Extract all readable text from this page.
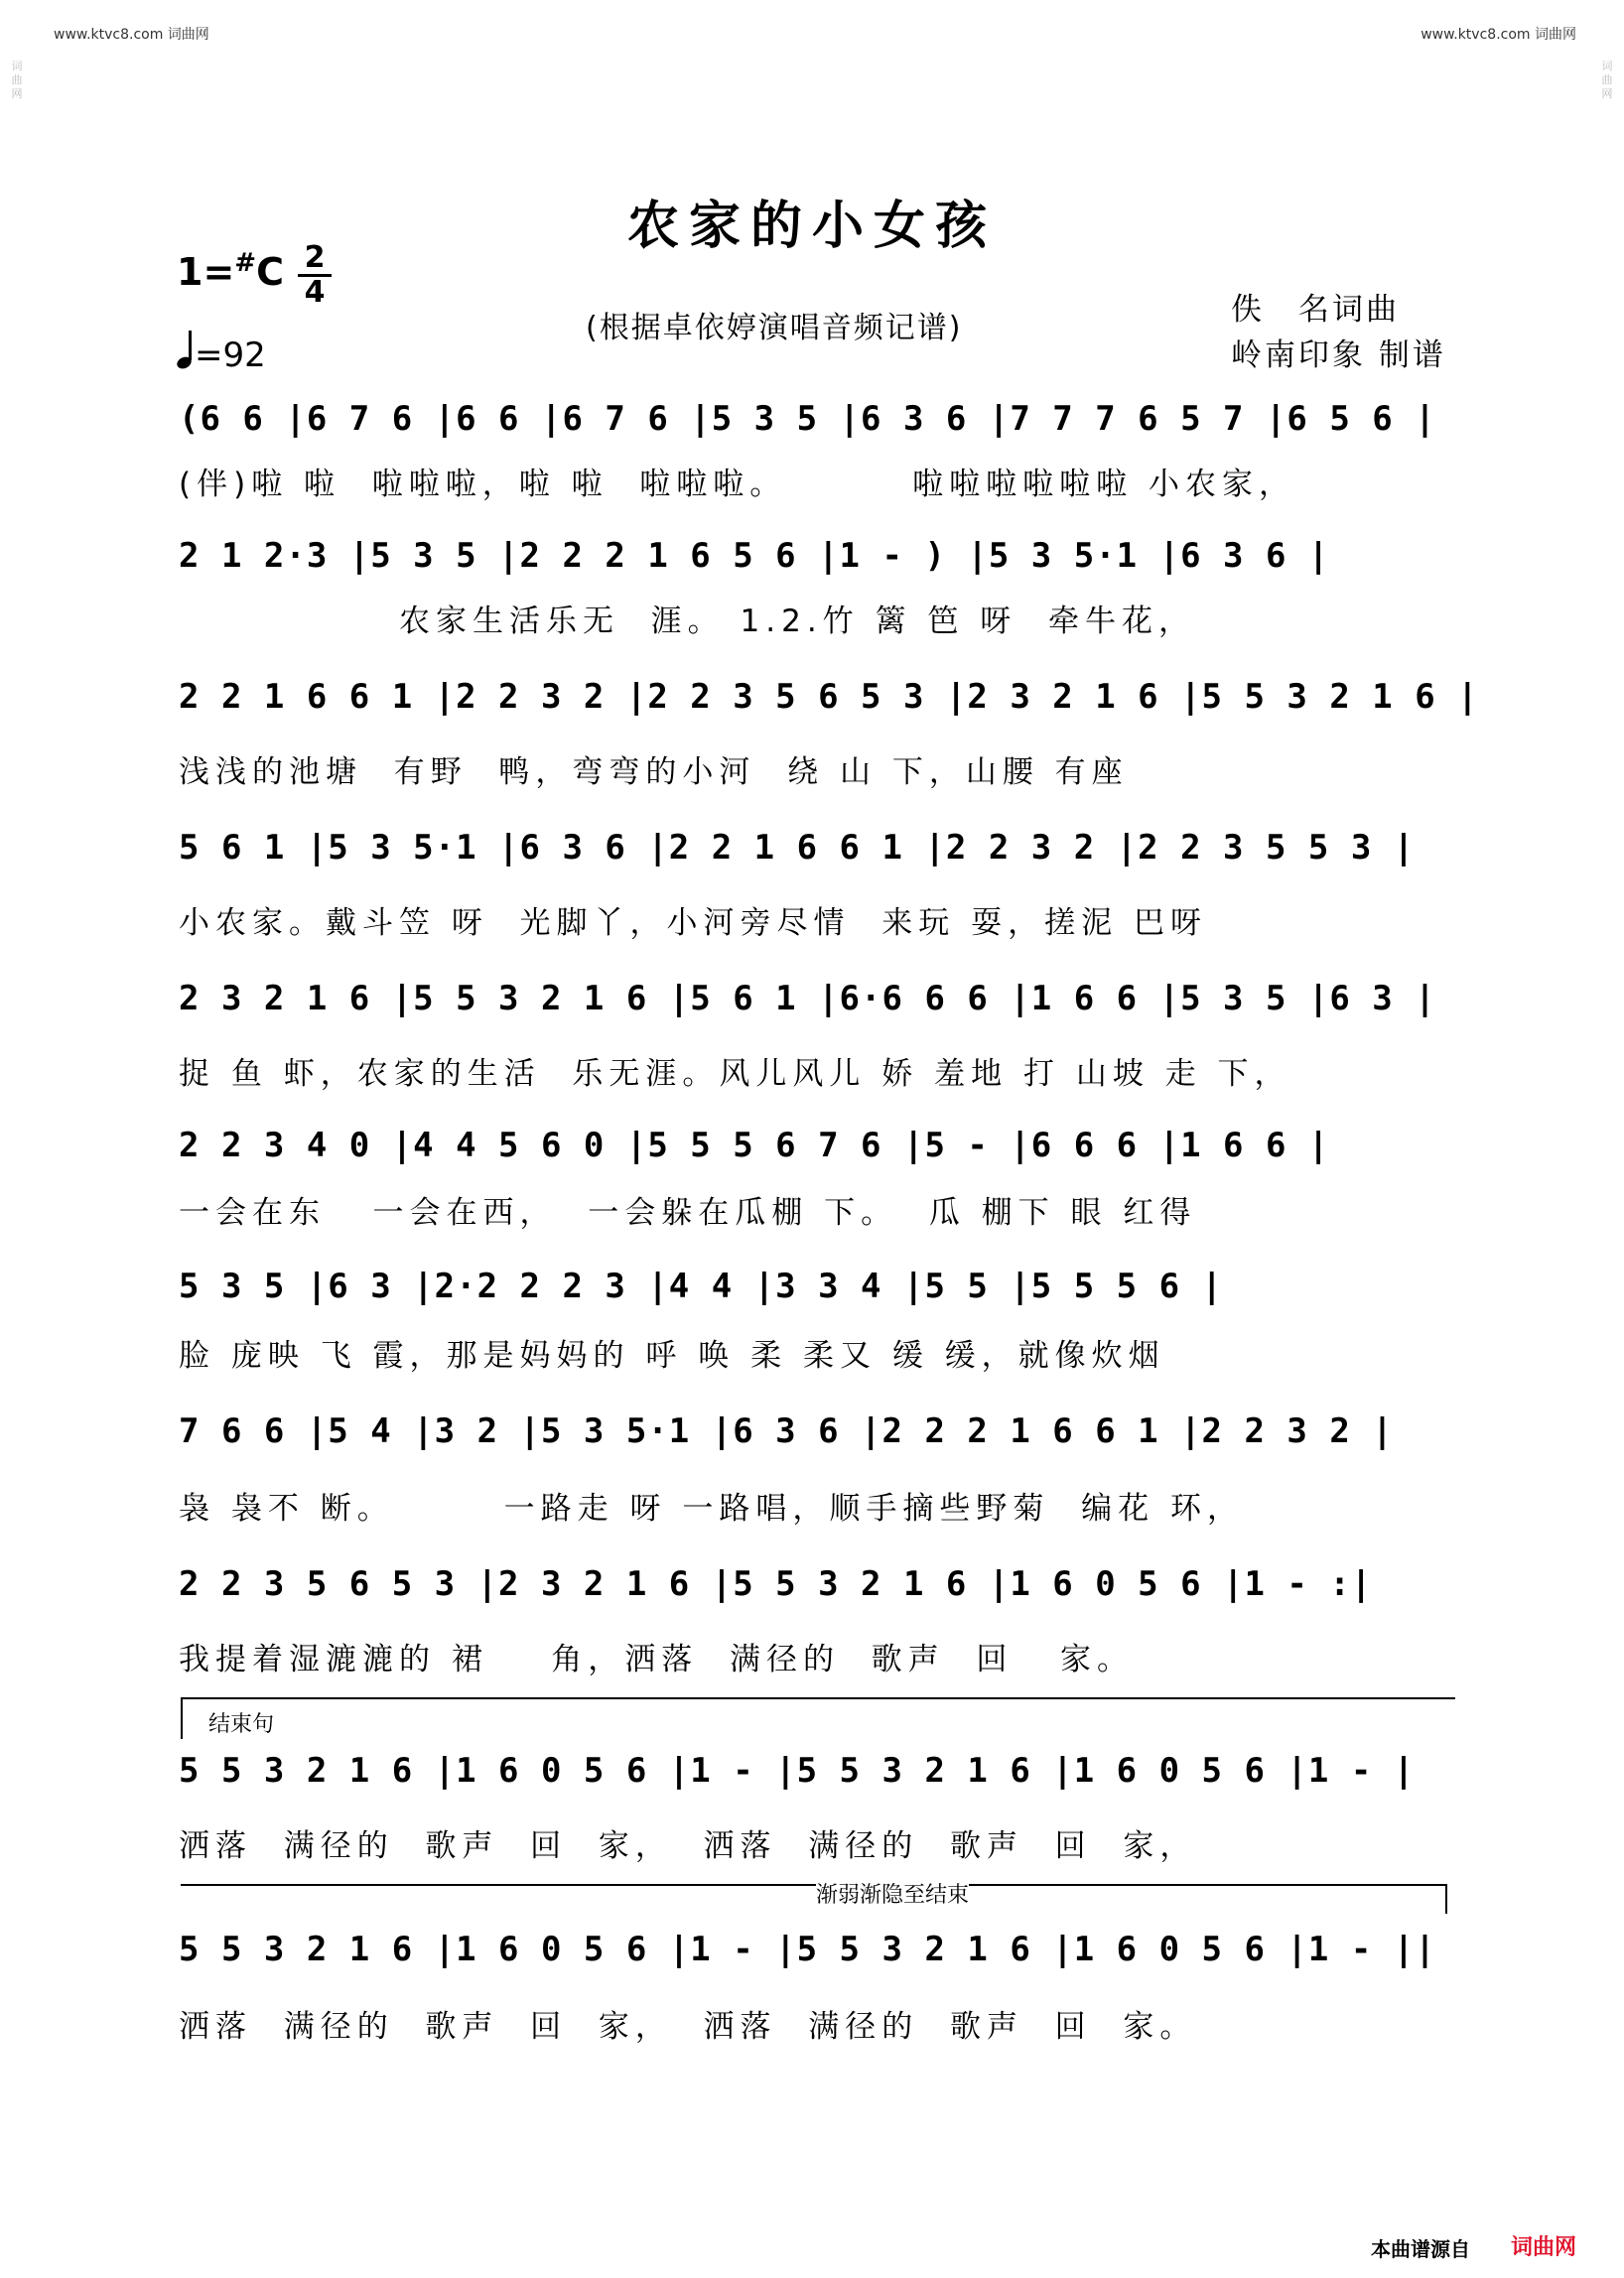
www.ktvc8.com 词曲网	www.ktvc8.com 词曲网
词
曲
网
词
曲
网
农家的小女孩
1=#C 2
4
=92
(根据卓依婷演唱音频记谱)
佚　名词曲
岭南印象 制谱
(6 6 |6 7 6 |6 6 |6 7 6 |5 3 5 |6 3 6 |7 7 7 6 5 7 |6 5 6 |
(伴)啦 啦  啦啦啦，啦 啦  啦啦啦。        啦啦啦啦啦啦 小农家，
2 1 2·3 |5 3 5 |2 2 2 1 6 5 6 |1 - ) |5 3 5·1 |6 3 6 |
农家生活乐无  涯。 1.2.竹 篱 笆 呀  牵牛花，
2 2 1 6 6 1 |2 2 3 2 |2 2 3 5 6 5 3 |2 3 2 1 6 |5 5 3 2 1 6 |
浅浅的池塘  有野  鸭，弯弯的小河  绕 山 下，山腰 有座
5 6 1 |5 3 5·1 |6 3 6 |2 2 1 6 6 1 |2 2 3 2 |2 2 3 5 5 3 |
小农家。戴斗笠 呀  光脚丫，小河旁尽情  来玩 耍，搓泥 巴呀
2 3 2 1 6 |5 5 3 2 1 6 |5 6 1 |6·6 6 6 |1 6 6 |5 3 5 |6 3 |
捉 鱼 虾，农家的生活  乐无涯。风儿风儿 娇 羞地 打 山坡 走 下，
2 2 3 4 0 |4 4 5 6 0 |5 5 5 6 7 6 |5 - |6 6 6 |1 6 6 |
一会在东   一会在西，  一会躲在瓜棚 下。  瓜 棚下 眼 红得
5 3 5 |6 3 |2·2 2 2 3 |4 4 |3 3 4 |5 5 |5 5 5 6 |
脸 庞映 飞 霞，那是妈妈的 呼 唤 柔 柔又 缓 缓，就像炊烟
7 6 6 |5 4 |3 2 |5 3 5·1 |6 3 6 |2 2 2 1 6 6 1 |2 2 3 2 |
袅 袅不 断。       一路走 呀 一路唱，顺手摘些野菊  编花 环，
2 2 3 5 6 5 3 |2 3 2 1 6 |5 5 3 2 1 6 |1 6 0 5 6 |1 - :|
我提着湿漉漉的 裙    角，洒落  满径的  歌声  回   家。
结束句
5 5 3 2 1 6 |1 6 0 5 6 |1 - |5 5 3 2 1 6 |1 6 0 5 6 |1 - |
洒落  满径的  歌声  回  家，  洒落  满径的  歌声  回  家，
渐弱渐隐至结束
5 5 3 2 1 6 |1 6 0 5 6 |1 - |5 5 3 2 1 6 |1 6 0 5 6 |1 - ||
洒落  满径的  歌声  回  家，  洒落  满径的  歌声  回  家。
本曲谱源自 词曲网
